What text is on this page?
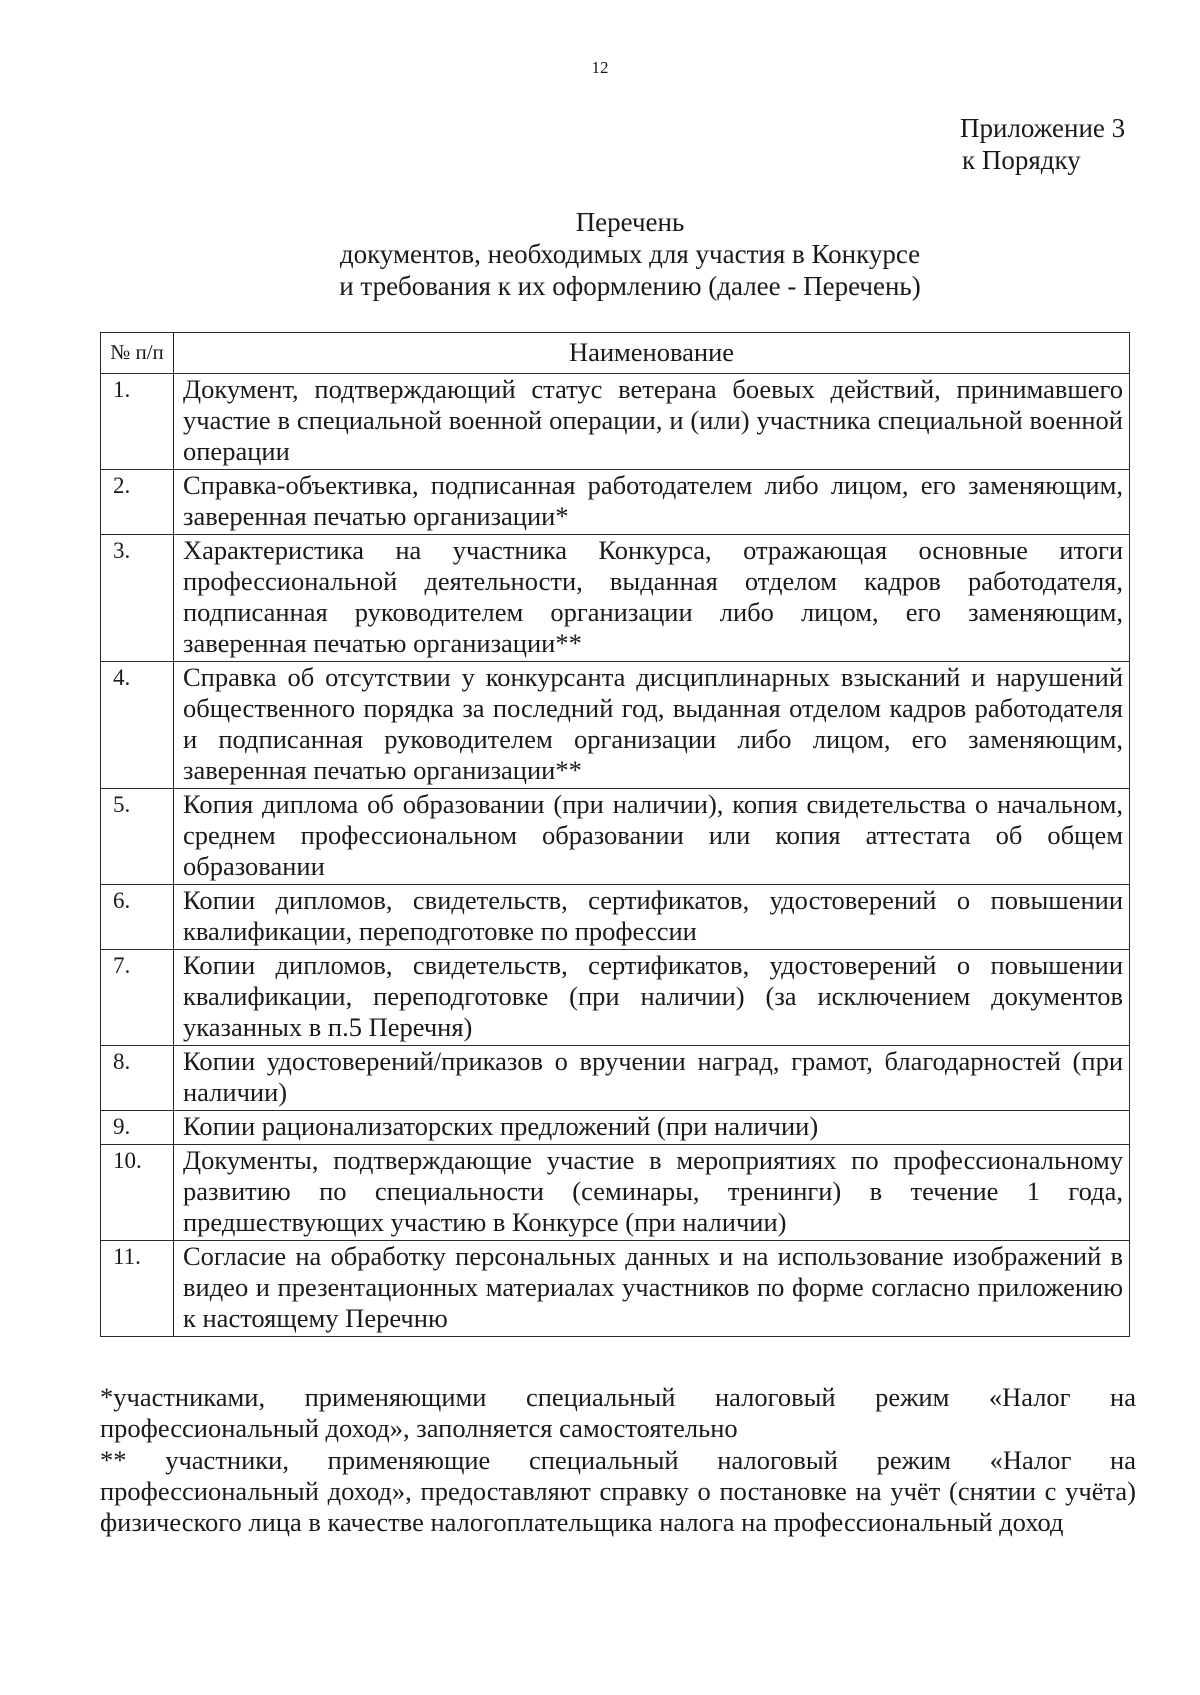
12
Приложение 3
к Порядку
Перечень
документов, необходимых для участия в Конкурсе
и требования к их оформлению (далее - Перечень)
№ п/п	Наименование
1.	Документ, подтверждающий статус ветерана боевых действий, принимавшего участие в специальной военной операции, и (или) участника специальной военной операции
2.	Справка-объективка, подписанная работодателем либо лицом, его заменяющим, заверенная печатью организации*
3.	Характеристика на участника Конкурса, отражающая основные итоги профессиональной деятельности, выданная отделом кадров работодателя, подписанная руководителем организации либо лицом, его заменяющим, заверенная печатью организации**
4.	Справка об отсутствии у конкурсанта дисциплинарных взысканий и нарушений общественного порядка за последний год, выданная отделом кадров работодателя и подписанная руководителем организации либо лицом, его заменяющим, заверенная печатью организации**
5.	Копия диплома об образовании (при наличии), копия свидетельства о начальном, среднем профессиональном образовании или копия аттестата об общем образовании
6.	Копии дипломов, свидетельств, сертификатов, удостоверений о повышении квалификации, переподготовке по профессии
7.	Копии дипломов, свидетельств, сертификатов, удостоверений о повышении квалификации, переподготовке (при наличии) (за исключением документов указанных в п.5 Перечня)
8.	Копии удостоверений/приказов о вручении наград, грамот, благодарностей (при наличии)
9.	Копии рационализаторских предложений (при наличии)
10.	Документы, подтверждающие участие в мероприятиях по профессиональному развитию по специальности (семинары, тренинги) в течение 1 года, предшествующих участию в Конкурсе (при наличии)
11.	Согласие на обработку персональных данных и на использование изображений в видео и презентационных материалах участников по форме согласно приложению к настоящему Перечню

*участниками, применяющими специальный налоговый режим «Налог на профессиональный доход», заполняется самостоятельно

** участники, применяющие специальный налоговый режим «Налог на профессиональный доход», предоставляют справку о постановке на учёт (снятии с учёта) физического лица в качестве налогоплательщика налога на профессиональный доход
